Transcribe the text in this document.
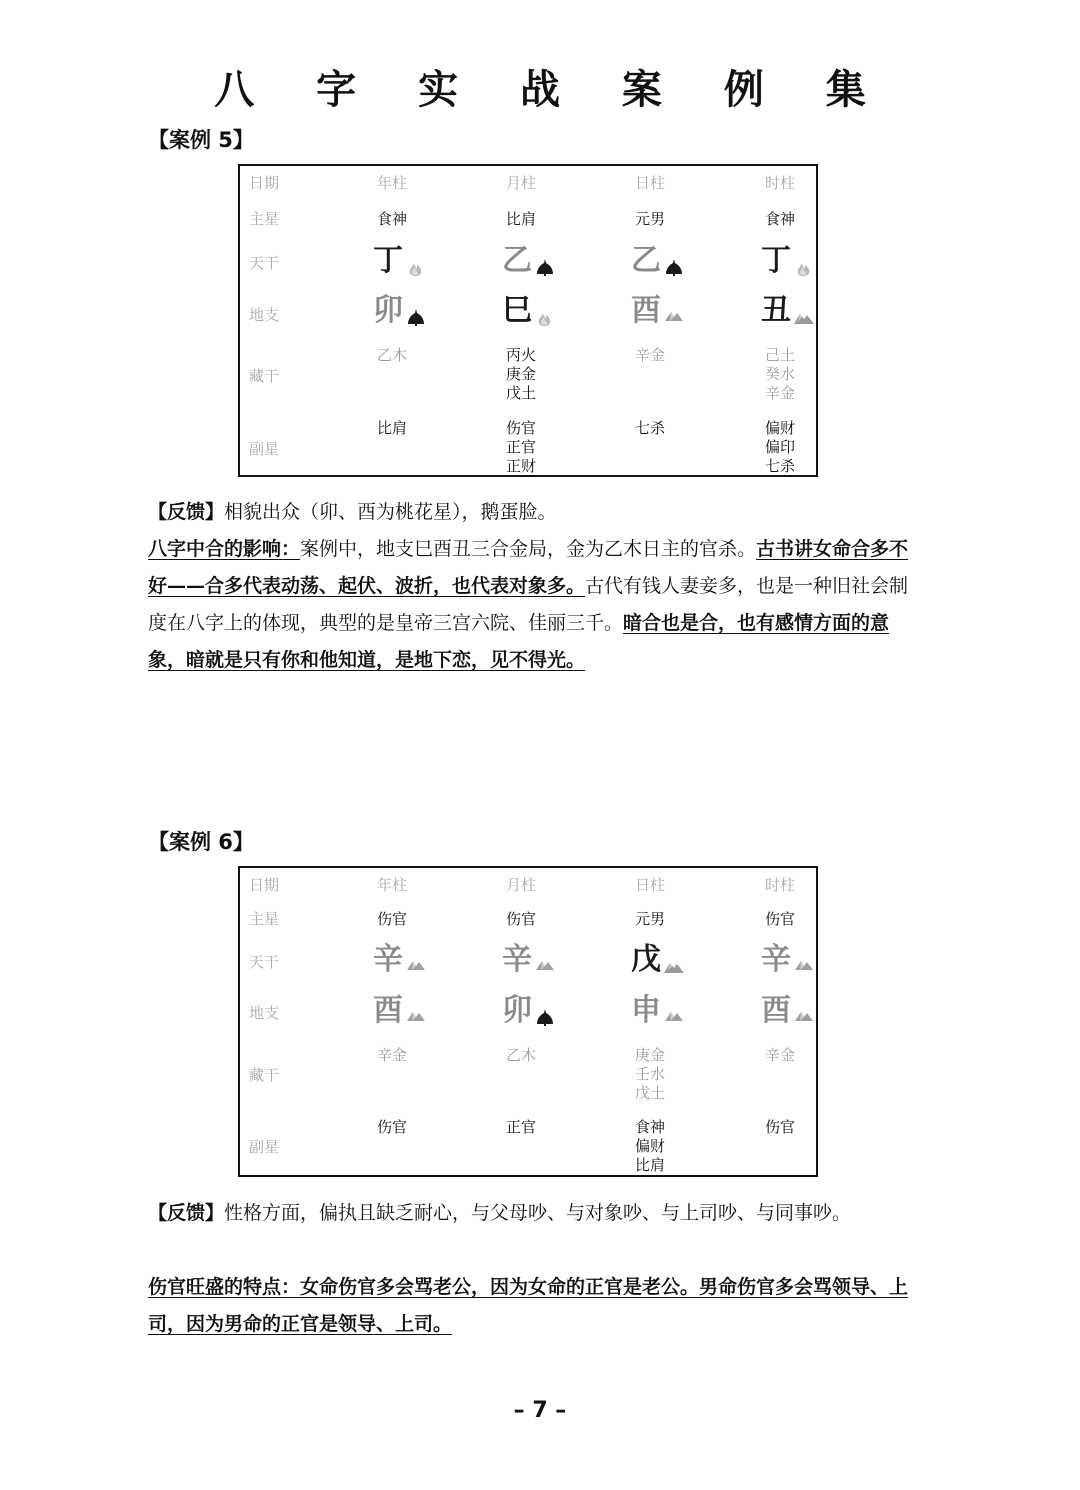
八 字 实 战 案 例 集
【案例 5】
日期
主星
天干
地支
藏干
副星
年柱
食神
丁
卯
乙木
比肩
月柱
比肩
乙
巳
丙火
庚金
戊土
伤官
正官
正财
日柱
元男
乙
酉
辛金
七杀
时柱
食神
丁
丑
己土
癸水
辛金
偏财
偏印
七杀
【反馈】相貌出众（卯、酉为桃花星），鹅蛋脸。
八字中合的影响：案例中，地支巳酉丑三合金局，金为乙木日主的官杀。古书讲女命合多不好——合多代表动荡、起伏、波折，也代表对象多。古代有钱人妻妾多，也是一种旧社会制度在八字上的体现，典型的是皇帝三宫六院、佳丽三千。暗合也是合，也有感情方面的意象，暗就是只有你和他知道，是地下恋，见不得光。
【案例 6】
日期
主星
天干
地支
藏干
副星
年柱
伤官
辛
酉
辛金
伤官
月柱
伤官
辛
卯
乙木
正官
日柱
元男
戊
申
庚金
壬水
戊土
食神
偏财
比肩
时柱
伤官
辛
酉
辛金
伤官
【反馈】性格方面，偏执且缺乏耐心，与父母吵、与对象吵、与上司吵、与同事吵。
伤官旺盛的特点：女命伤官多会骂老公，因为女命的正官是老公。男命伤官多会骂领导、上司，因为男命的正官是领导、上司。
– 7 –
